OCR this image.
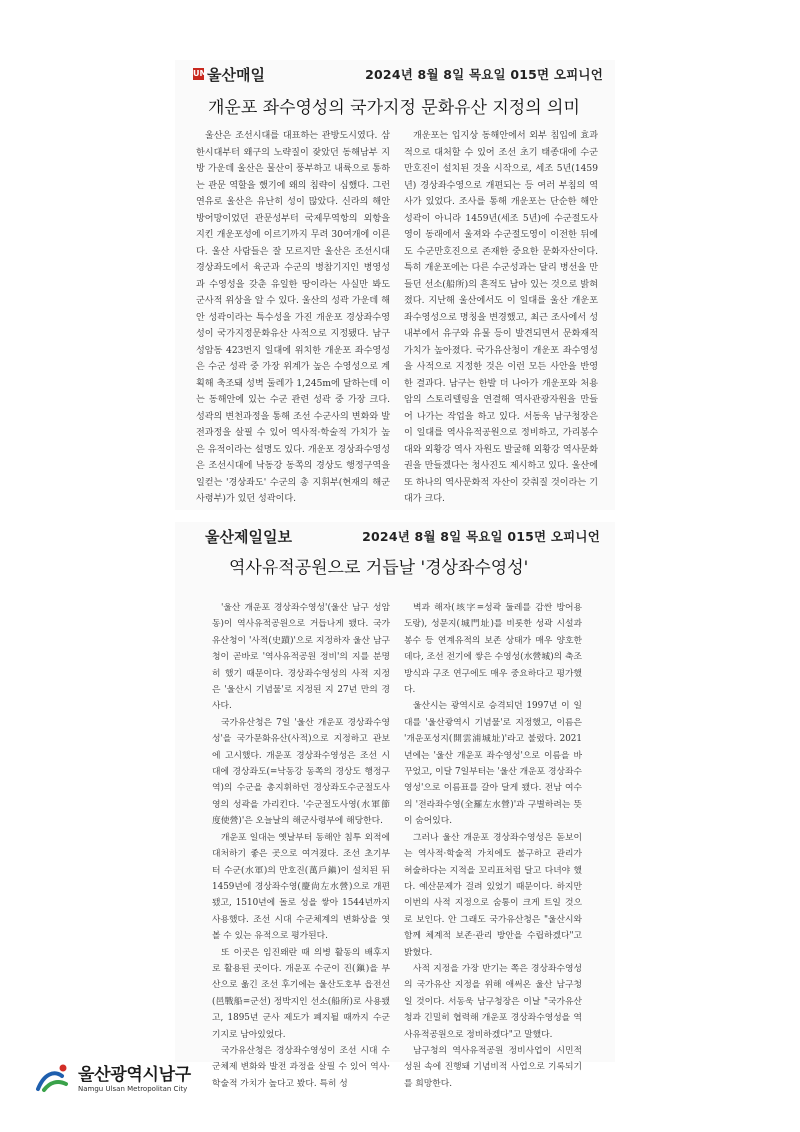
UM 울산매일	2024년 8월 8일 목요일 015면 오피니언
개운포 좌수영성의 국가지정 문화유산 지정의 의미

울산은 조선시대를 대표하는 관방도시였다. 삼한시대부터 왜구의 노략질이 잦았던 동해남부 지방 가운데 울산은 물산이 풍부하고 내륙으로 통하는 관문 역할을 했기에 왜의 침략이 심했다. 그런 연유로 울산은 유난히 성이 많았다. 신라의 해안방어망이었던 관문성부터 국제무역항의 외항을 지킨 개운포성에 이르기까지 무려 30여개에 이른다. 울산 사람들은 잘 모르지만 울산은 조선시대 경상좌도에서 육군과 수군의 병참기지인 병영성과 수영성을 갖춘 유일한 땅이라는 사실만 봐도 군사적 위상을 알 수 있다. 울산의 성곽 가운데 해안 성곽이라는 특수성을 가진 개운포 경상좌수영성이 국가지정문화유산 사적으로 지정됐다. 남구 성암동 423번지 일대에 위치한 개운포 좌수영성은 수군 성곽 중 가장 위계가 높은 수영성으로 계획해 축조돼 성벽 둘레가 1,245m에 달하는데 이는 동해안에 있는 수군 관련 성곽 중 가장 크다. 성곽의 변천과정을 통해 조선 수군사의 변화와 발전과정을 살필 수 있어 역사적·학술적 가치가 높은 유적이라는 설명도 있다. 개운포 경상좌수영성은 조선시대에 낙동강 동쪽의 경상도 행정구역을 일컫는 '경상좌도' 수군의 총 지휘부(현재의 해군사령부)가 있던 성곽이다.

개운포는 입지상 동해안에서 외부 침입에 효과적으로 대처할 수 있어 조선 초기 태종대에 수군 만호진이 설치된 것을 시작으로, 세조 5년(1459년) 경상좌수영으로 개편되는 등 여러 부침의 역사가 있었다. 조사를 통해 개운포는 단순한 해안 성곽이 아니라 1459년(세조 5년)에 수군절도사영이 동래에서 울져와 수군절도영이 이전한 뒤에도 수군만호진으로 존재한 중요한 문화자산이다. 특히 개운포에는 다른 수군성과는 달리 병선을 만들던 선소(船所)의 흔적도 남아 있는 것으로 밝혀졌다. 지난해 울산에서도 이 일대를 울산 개운포 좌수영성으로 명칭을 변경했고, 최근 조사에서 성 내부에서 유구와 유물 등이 발견되면서 문화재적 가치가 높아졌다. 국가유산청이 개운포 좌수영성을 사적으로 지정한 것은 이런 모든 사안을 반영한 결과다. 남구는 한발 더 나아가 개운포와 처용암의 스토리텔링을 연결해 역사관광자원을 만들어 나가는 작업을 하고 있다. 서동욱 남구청장은 이 일대를 역사유적공원으로 정비하고, 가리봉수대와 외황강 역사 자원도 발굴해 외황강 역사문화권을 만들겠다는 청사진도 제시하고 있다. 울산에 또 하나의 역사문화적 자산이 갖춰질 것이라는 기대가 크다.

울산제일일보	2024년 8월 8일 목요일 015면 오피니언
역사유적공원으로 거듭날 '경상좌수영성'

'울산 개운포 경상좌수영성'(울산 남구 성암동)이 역사유적공원으로 거듭나게 됐다. 국가유산청이 '사적(史蹟)'으로 지정하자 울산 남구청이 곧바로 '역사유적공원 정비'의 지를 분명히 했기 때문이다. 경상좌수영성의 사적 지정은 '울산시 기념물'로 지정된 지 27년 만의 경사다.

국가유산청은 7일 '울산 개운포 경상좌수영성'을 국가문화유산(사적)으로 지정하고 관보에 고시했다. 개운포 경상좌수영성은 조선 시대에 경상좌도(=낙동강 동쪽의 경상도 행정구역)의 수군을 총지휘하던 경상좌도수군절도사영의 성곽을 가리킨다. '수군절도사영(水軍節度使營)'은 오늘날의 해군사령부에 해당한다.

개운포 일대는 옛날부터 동해안 침투 외적에 대처하기 좋은 곳으로 여겨졌다. 조선 초기부터 수군(水軍)의 만호진(萬戶鎭)이 설치된 뒤 1459년에 경상좌수영(慶尙左水營)으로 개편됐고, 1510년에 돌로 성을 쌓아 1544년까지 사용했다. 조선 시대 수군체계의 변화상을 엿볼 수 있는 유적으로 평가된다.

또 이곳은 임진왜란 때 의병 활동의 배후지로 활용된 곳이다. 개운포 수군이 진(鎭)을 부산으로 옮긴 조선 후기에는 울산도호부 읍전선(邑戰船=군선) 정박지인 선소(船所)로 사용됐고, 1895년 군사 제도가 폐지될 때까지 수군 기지로 남아있었다.

국가유산청은 경상좌수영성이 조선 시대 수군체제 변화와 발전 과정을 살필 수 있어 역사·학술적 가치가 높다고 봤다. 특히 성

벽과 해자(垓字=성곽 둘레를 감싼 방어용 도랑), 성문지(城門址)를 비롯한 성곽 시설과 봉수 등 연계유적의 보존 상태가 매우 양호한 데다, 조선 전기에 쌓은 수영성(水營城)의 축조 방식과 구조 연구에도 매우 중요하다고 평가했다.

울산시는 광역시로 승격되던 1997년 이 일대를 '울산광역시 기념물'로 지정했고, 이름은 '개운포성지(開雲浦城址)'라고 불렀다. 2021년에는 '울산 개운포 좌수영성'으로 이름을 바꾸었고, 이달 7일부터는 '울산 개운포 경상좌수영성'으로 이름표를 갈아 달게 됐다. 전남 여수의 '전라좌수영(全羅左水營)'과 구별하려는 뜻이 숨어있다.

그러나 울산 개운포 경상좌수영성은 돋보이는 역사적·학술적 가치에도 불구하고 관리가 허술하다는 지적을 꼬리표처럼 달고 다녀야 했다. 예산문제가 걸려 있었기 때문이다. 하지만 이번의 사적 지정으로 숨통이 크게 트일 것으로 보인다. 안 그래도 국가유산청은 "울산시와 함께 체계적 보존·관리 방안을 수립하겠다"고 밝혔다.

사적 지정을 가장 반기는 쪽은 경상좌수영성의 국가유산 지정을 위해 애써온 울산 남구청일 것이다. 서동욱 남구청장은 이날 "국가유산청과 긴밀히 협력해 개운포 경상좌수영성을 역사유적공원으로 정비하겠다"고 말했다.

남구청의 역사유적공원 정비사업이 시민적 성원 속에 진행돼 기념비적 사업으로 기록되기를 희망한다.

울산광역시남구
Namgu Ulsan Metropolitan City
